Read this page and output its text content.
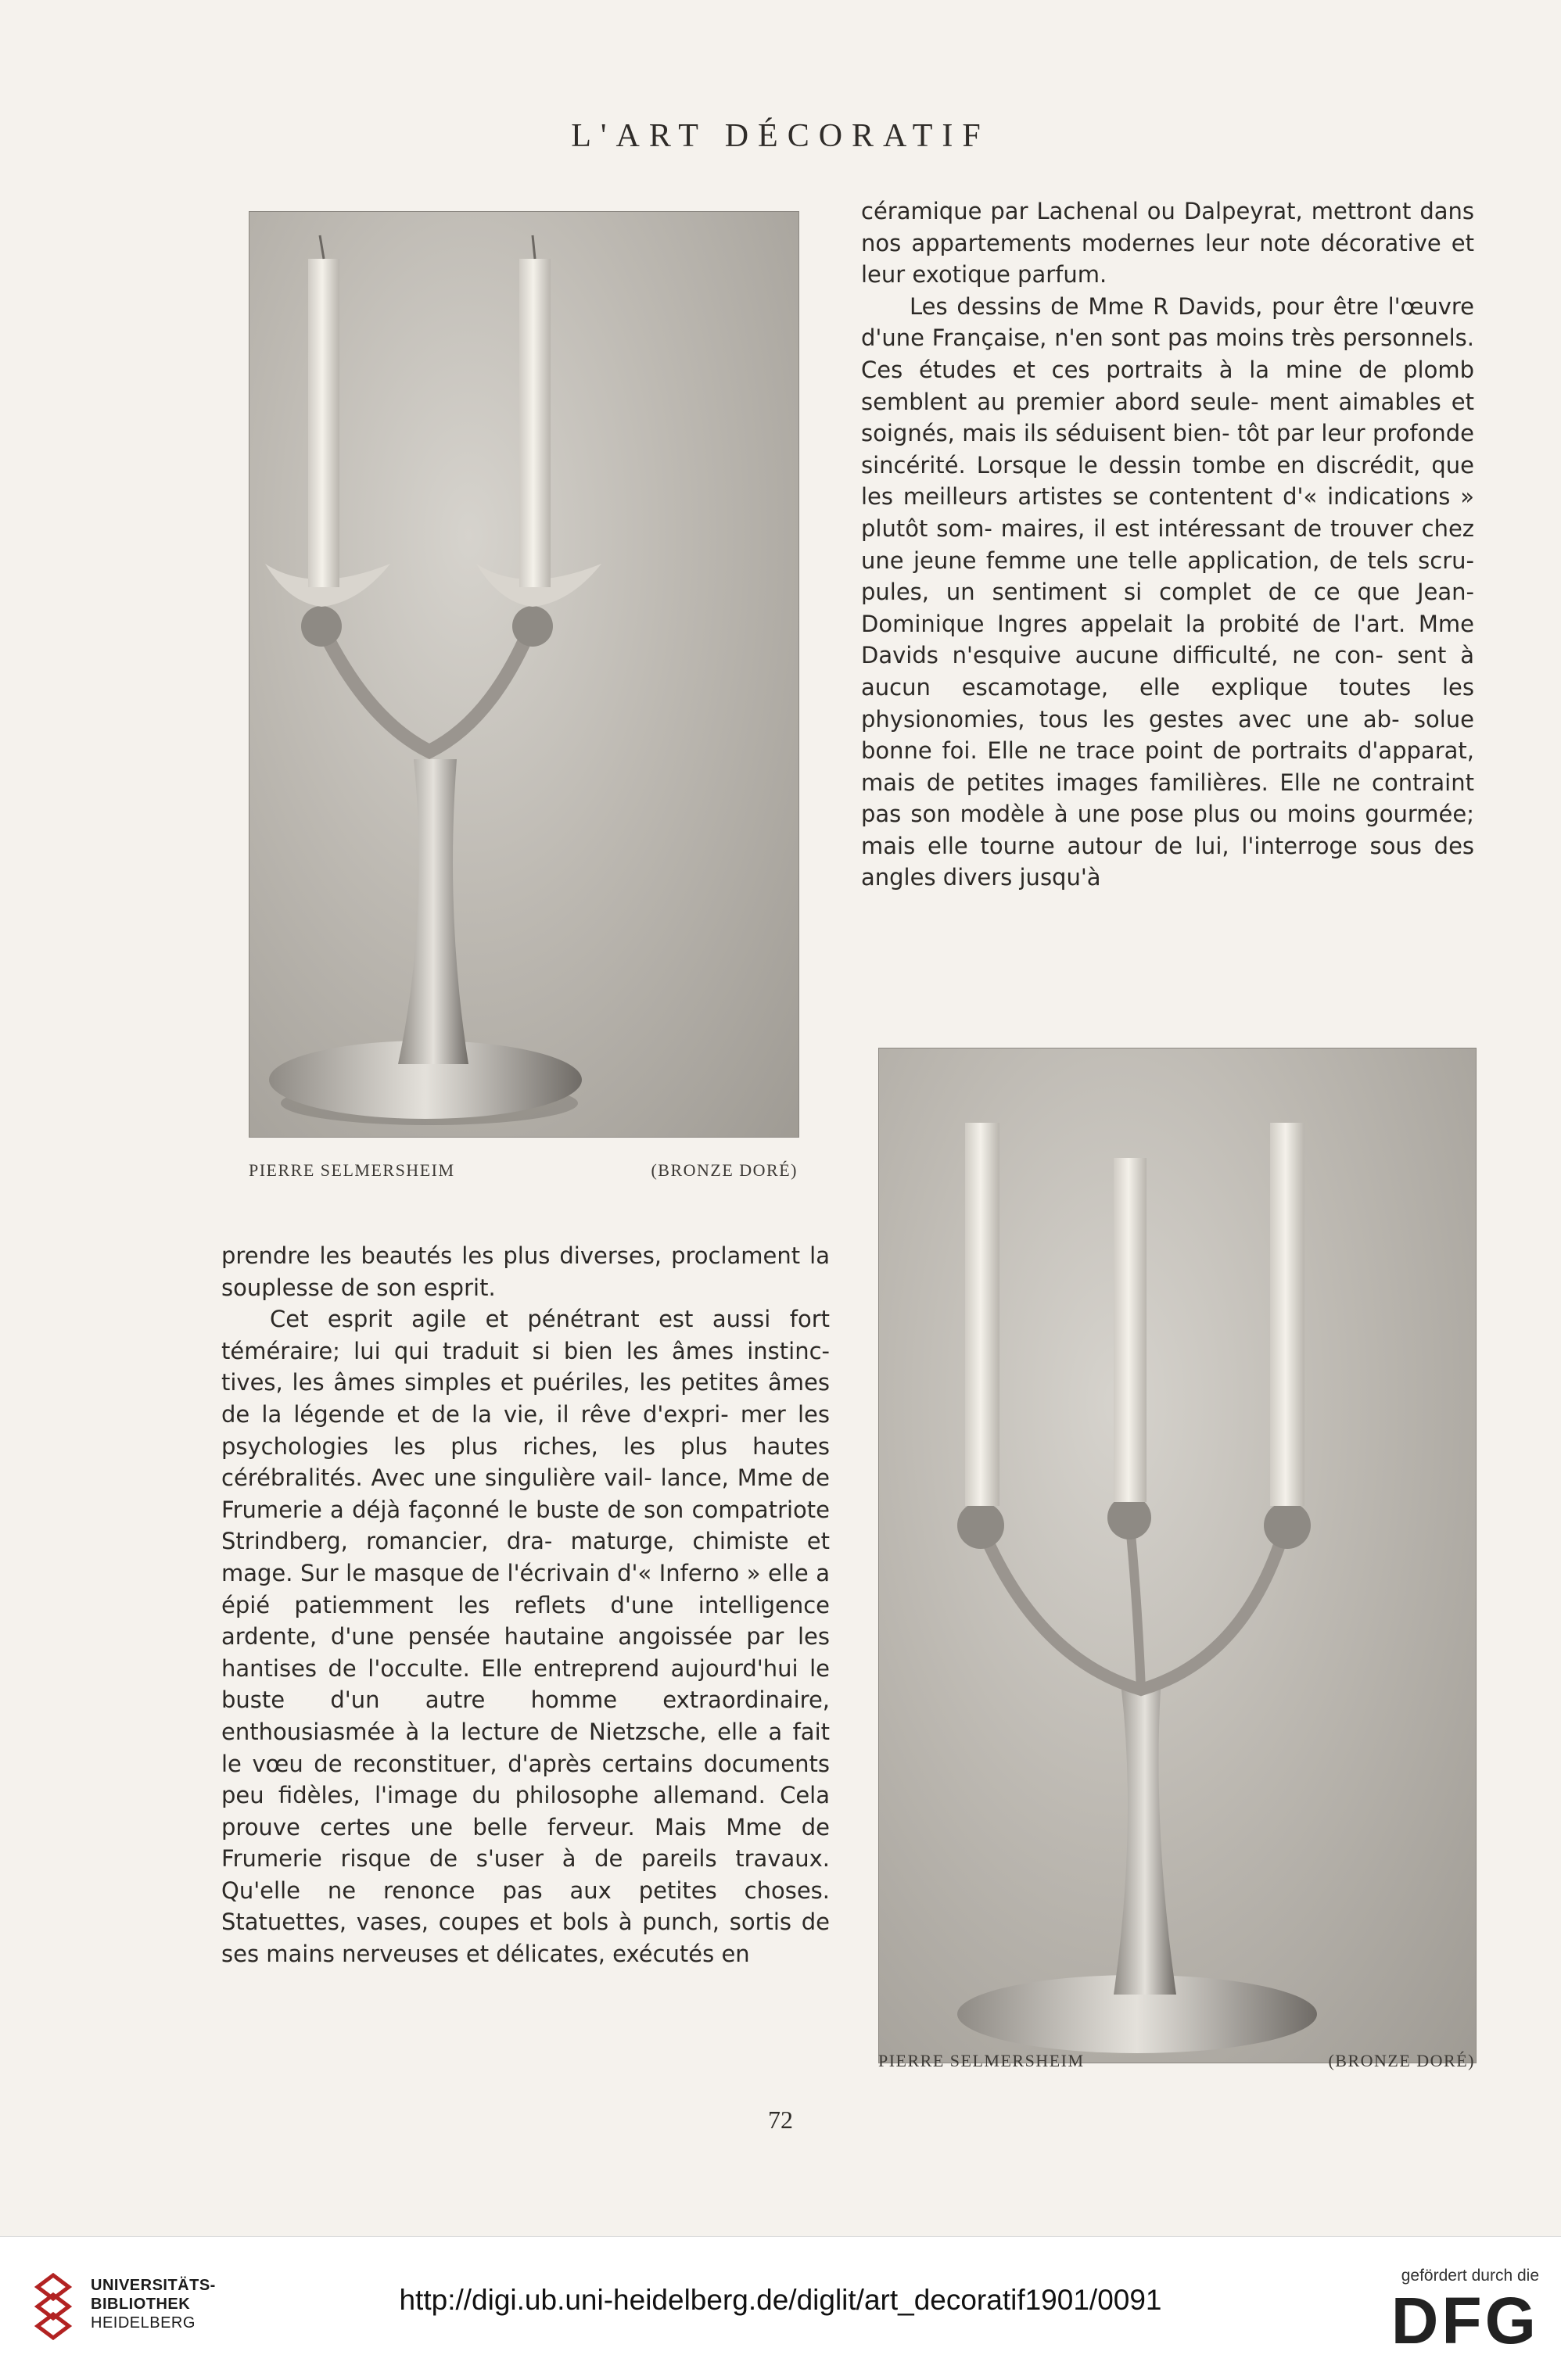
L'ART DÉCORATIF
PIERRE SELMERSHEIM	(BRONZE DORÉ)
PIERRE SELMERSHEIM	(BRONZE DORÉ)

céramique par Lachenal ou Dalpeyrat, mettront dans nos appartements modernes leur note décorative et leur exotique parfum.

Les dessins de Mme R Davids, pour être l'œuvre d'une Française, n'en sont pas moins très personnels. Ces études et ces portraits à la mine de plomb semblent au premier abord seule- ment aimables et soignés, mais ils séduisent bien- tôt par leur profonde sincérité. Lorsque le dessin tombe en discrédit, que les meilleurs artistes se contentent d'« indications » plutôt som- maires, il est intéressant de trouver chez une jeune femme une telle application, de tels scru- pules, un sentiment si complet de ce que Jean- Dominique Ingres appelait la probité de l'art. Mme Davids n'esquive aucune difficulté, ne con- sent à aucun escamotage, elle explique toutes les physionomies, tous les gestes avec une ab- solue bonne foi. Elle ne trace point de portraits d'apparat, mais de petites images familières. Elle ne contraint pas son modèle à une pose plus ou moins gourmée; mais elle tourne autour de lui, l'interroge sous des angles divers jusqu'à

prendre les beautés les plus diverses, proclament la souplesse de son esprit.

Cet esprit agile et pénétrant est aussi fort téméraire; lui qui traduit si bien les âmes instinc- tives, les âmes simples et puériles, les petites âmes de la légende et de la vie, il rêve d'expri- mer les psychologies les plus riches, les plus hautes cérébralités. Avec une singulière vail- lance, Mme de Frumerie a déjà façonné le buste de son compatriote Strindberg, romancier, dra- maturge, chimiste et mage. Sur le masque de l'écrivain d'« Inferno » elle a épié patiemment les reflets d'une intelligence ardente, d'une pensée hautaine angoissée par les hantises de l'occulte. Elle entreprend aujourd'hui le buste d'un autre homme extraordinaire, enthousiasmée à la lecture de Nietzsche, elle a fait le vœu de reconstituer, d'après certains documents peu fidèles, l'image du philosophe allemand. Cela prouve certes une belle ferveur. Mais Mme de Frumerie risque de s'user à de pareils travaux. Qu'elle ne renonce pas aux petites choses. Statuettes, vases, coupes et bols à punch, sortis de ses mains nerveuses et délicates, exécutés en

72
UNIVERSITÄTS-
BIBLIOTHEK
HEIDELBERG
http://digi.ub.uni-heidelberg.de/diglit/art_decoratif1901/0091
gefördert durch die
DFG
